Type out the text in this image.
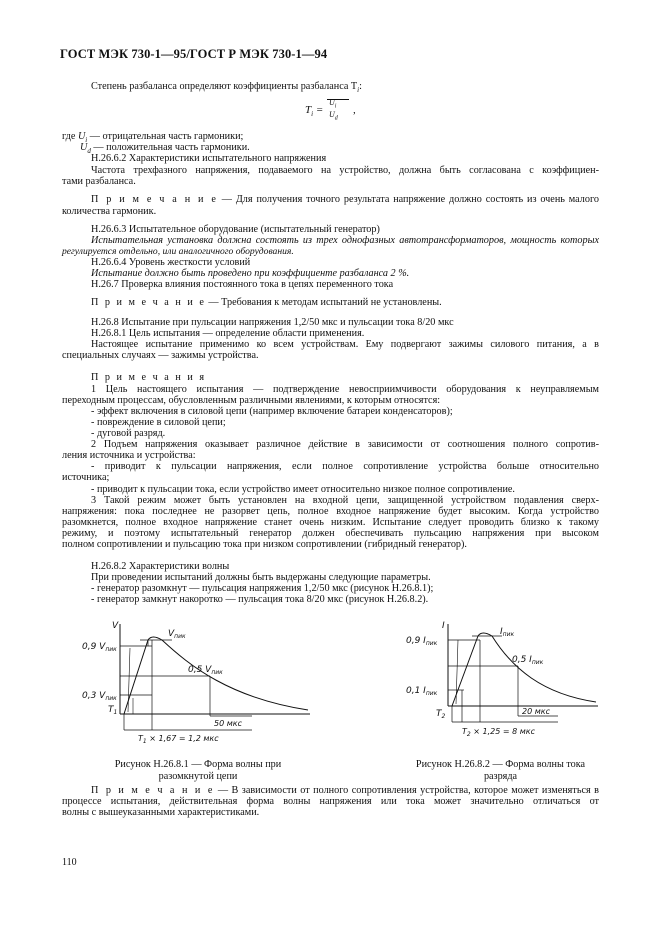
ГОСТ МЭК 730-1—95/ГОСТ Р МЭК 730-1—94
Степень разбаланса определяют коэффициенты разбаланса $T_i$:
$T_i$ =
$U_i$
$U_d$
,
где $U_i$ — отрицательная часть гармоники;
$U_d$ — положительная часть гармоники.
H.26.6.2 Характеристики испытательного напряжения
Частота трехфазного напряжения, подаваемого на устройство, должна быть согласована с коэффициен-
тами разбаланса.
П р и м е ч а н и е — Для получения точного результата напряжение должно состоять из очень малого
количества гармоник.
H.26.6.3 Испытательное оборудование (испытательный генератор)
Испытательная установка должна состоять из трех однофазных автотрансформаторов, мощность которых
регулируется отдельно, или аналогичного оборудования.
H.26.6.4 Уровень жесткости условий
Испытание должно быть проведено при коэффициенте разбаланса 2 %.
H.26.7 Проверка влияния постоянного тока в цепях переменного тока
П р и м е ч а н и е — Требования к методам испытаний не установлены.
H.26.8 Испытание при пульсации напряжения 1,2/50 мкс и пульсации тока 8/20 мкс
H.26.8.1 Цель испытания — определение области применения.
Настоящее испытание применимо ко всем устройствам. Ему подвергают зажимы силового питания, а в
специальных случаях — зажимы устройства.
П р и м е ч а н и я
1 Цель настоящего испытания — подтверждение невосприимчивости оборудования к неуправляемым
переходным процессам, обусловленным различными явлениями, к которым относятся:
- эффект включения в силовой цепи (например включение батареи конденсаторов);
- повреждение в силовой цепи;
- дуговой разряд.
2 Подъем напряжения оказывает различное действие в зависимости от соотношения полного сопротив-
ления источника и устройства:
- приводит к пульсации напряжения, если полное сопротивление устройства больше относительно
источника;
- приводит к пульсации тока, если устройство имеет относительно низкое полное сопротивление.
3 Такой режим может быть установлен на входной цепи, защищенной устройством подавления сверх-
напряжения: пока последнее не разорвет цепь, полное входное напряжение будет высоким. Когда устройство
разомкнется, полное входное напряжение станет очень низким. Испытание следует проводить близко к такому
режиму, и поэтому испытательный генератор должен обеспечивать пульсацию напряжения при высоком
полном сопротивлении и пульсацию тока при низком сопротивлении (гибридный генератор).
H.26.8.2 Характеристики волны
При проведении испытаний должны быть выдержаны следующие параметры.
- генератор разомкнут — пульсация напряжения 1,2/50 мкс (рисунок H.26.8.1);
- генератор замкнут накоротко — пульсация тока 8/20 мкс (рисунок H.26.8.2).
V
0,9 $V_{пик}$
0,3 $V_{пик}$
$V_{пик}$
0,5 $V_{пик}$
$T_1$
50 мкс
$T_1 \times 1,67 = 1,2$ мкс
Рисунок H.26.8.1 — Форма волны при
разомкнутой цепи
I
0,9 $I_{пик}$
0,1 $I_{пик}$
$I_{пик}$
0,5 $I_{пик}$
$T_2$
20 мкс
$T_2 \times 1,25 = 8$ мкс
Рисунок H.26.8.2 — Форма волны тока
разряда
П р и м е ч а н и е — В зависимости от полного сопротивления устройства, которое может изменяться в
процессе испытания, действительная форма волны напряжения или тока может значительно отличаться от
волны с вышеуказанными характеристиками.
110
